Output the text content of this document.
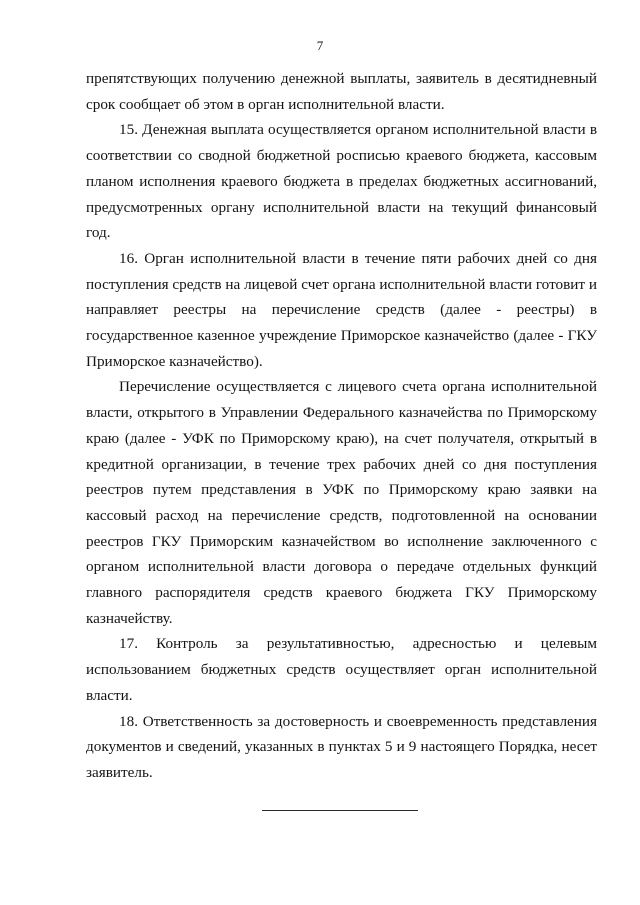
7

препятствующих получению денежной выплаты, заявитель в десятидневный срок сообщает об этом в орган исполнительной власти.

15. Денежная выплата осуществляется органом исполнительной власти в соответствии со сводной бюджетной росписью краевого бюджета, кассовым планом исполнения краевого бюджета в пределах бюджетных ассигнований, предусмотренных органу исполнительной власти на текущий финансовый год.

16. Орган исполнительной власти в течение пяти рабочих дней со дня поступления средств на лицевой счет органа исполнительной власти готовит и направляет реестры на перечисление средств (далее - реестры) в государственное казенное учреждение Приморское казначейство (далее - ГКУ Приморское казначейство).

Перечисление осуществляется с лицевого счета органа исполнительной власти, открытого в Управлении Федерального казначейства по Приморскому краю (далее - УФК по Приморскому краю), на счет получателя, открытый в кредитной организации, в течение трех рабочих дней со дня поступления реестров путем представления в УФК по Приморскому краю заявки на кассовый расход на перечисление средств, подготовленной на основании реестров ГКУ Приморским казначейством во исполнение заключенного с органом исполнительной власти договора о передаче отдельных функций главного распорядителя средств краевого бюджета ГКУ Приморскому казначейству.

17. Контроль за результативностью, адресностью и целевым использованием бюджетных средств осуществляет орган исполнительной власти.

18. Ответственность за достоверность и своевременность представления документов и сведений, указанных в пунктах 5 и 9 настоящего Порядка, несет заявитель.
